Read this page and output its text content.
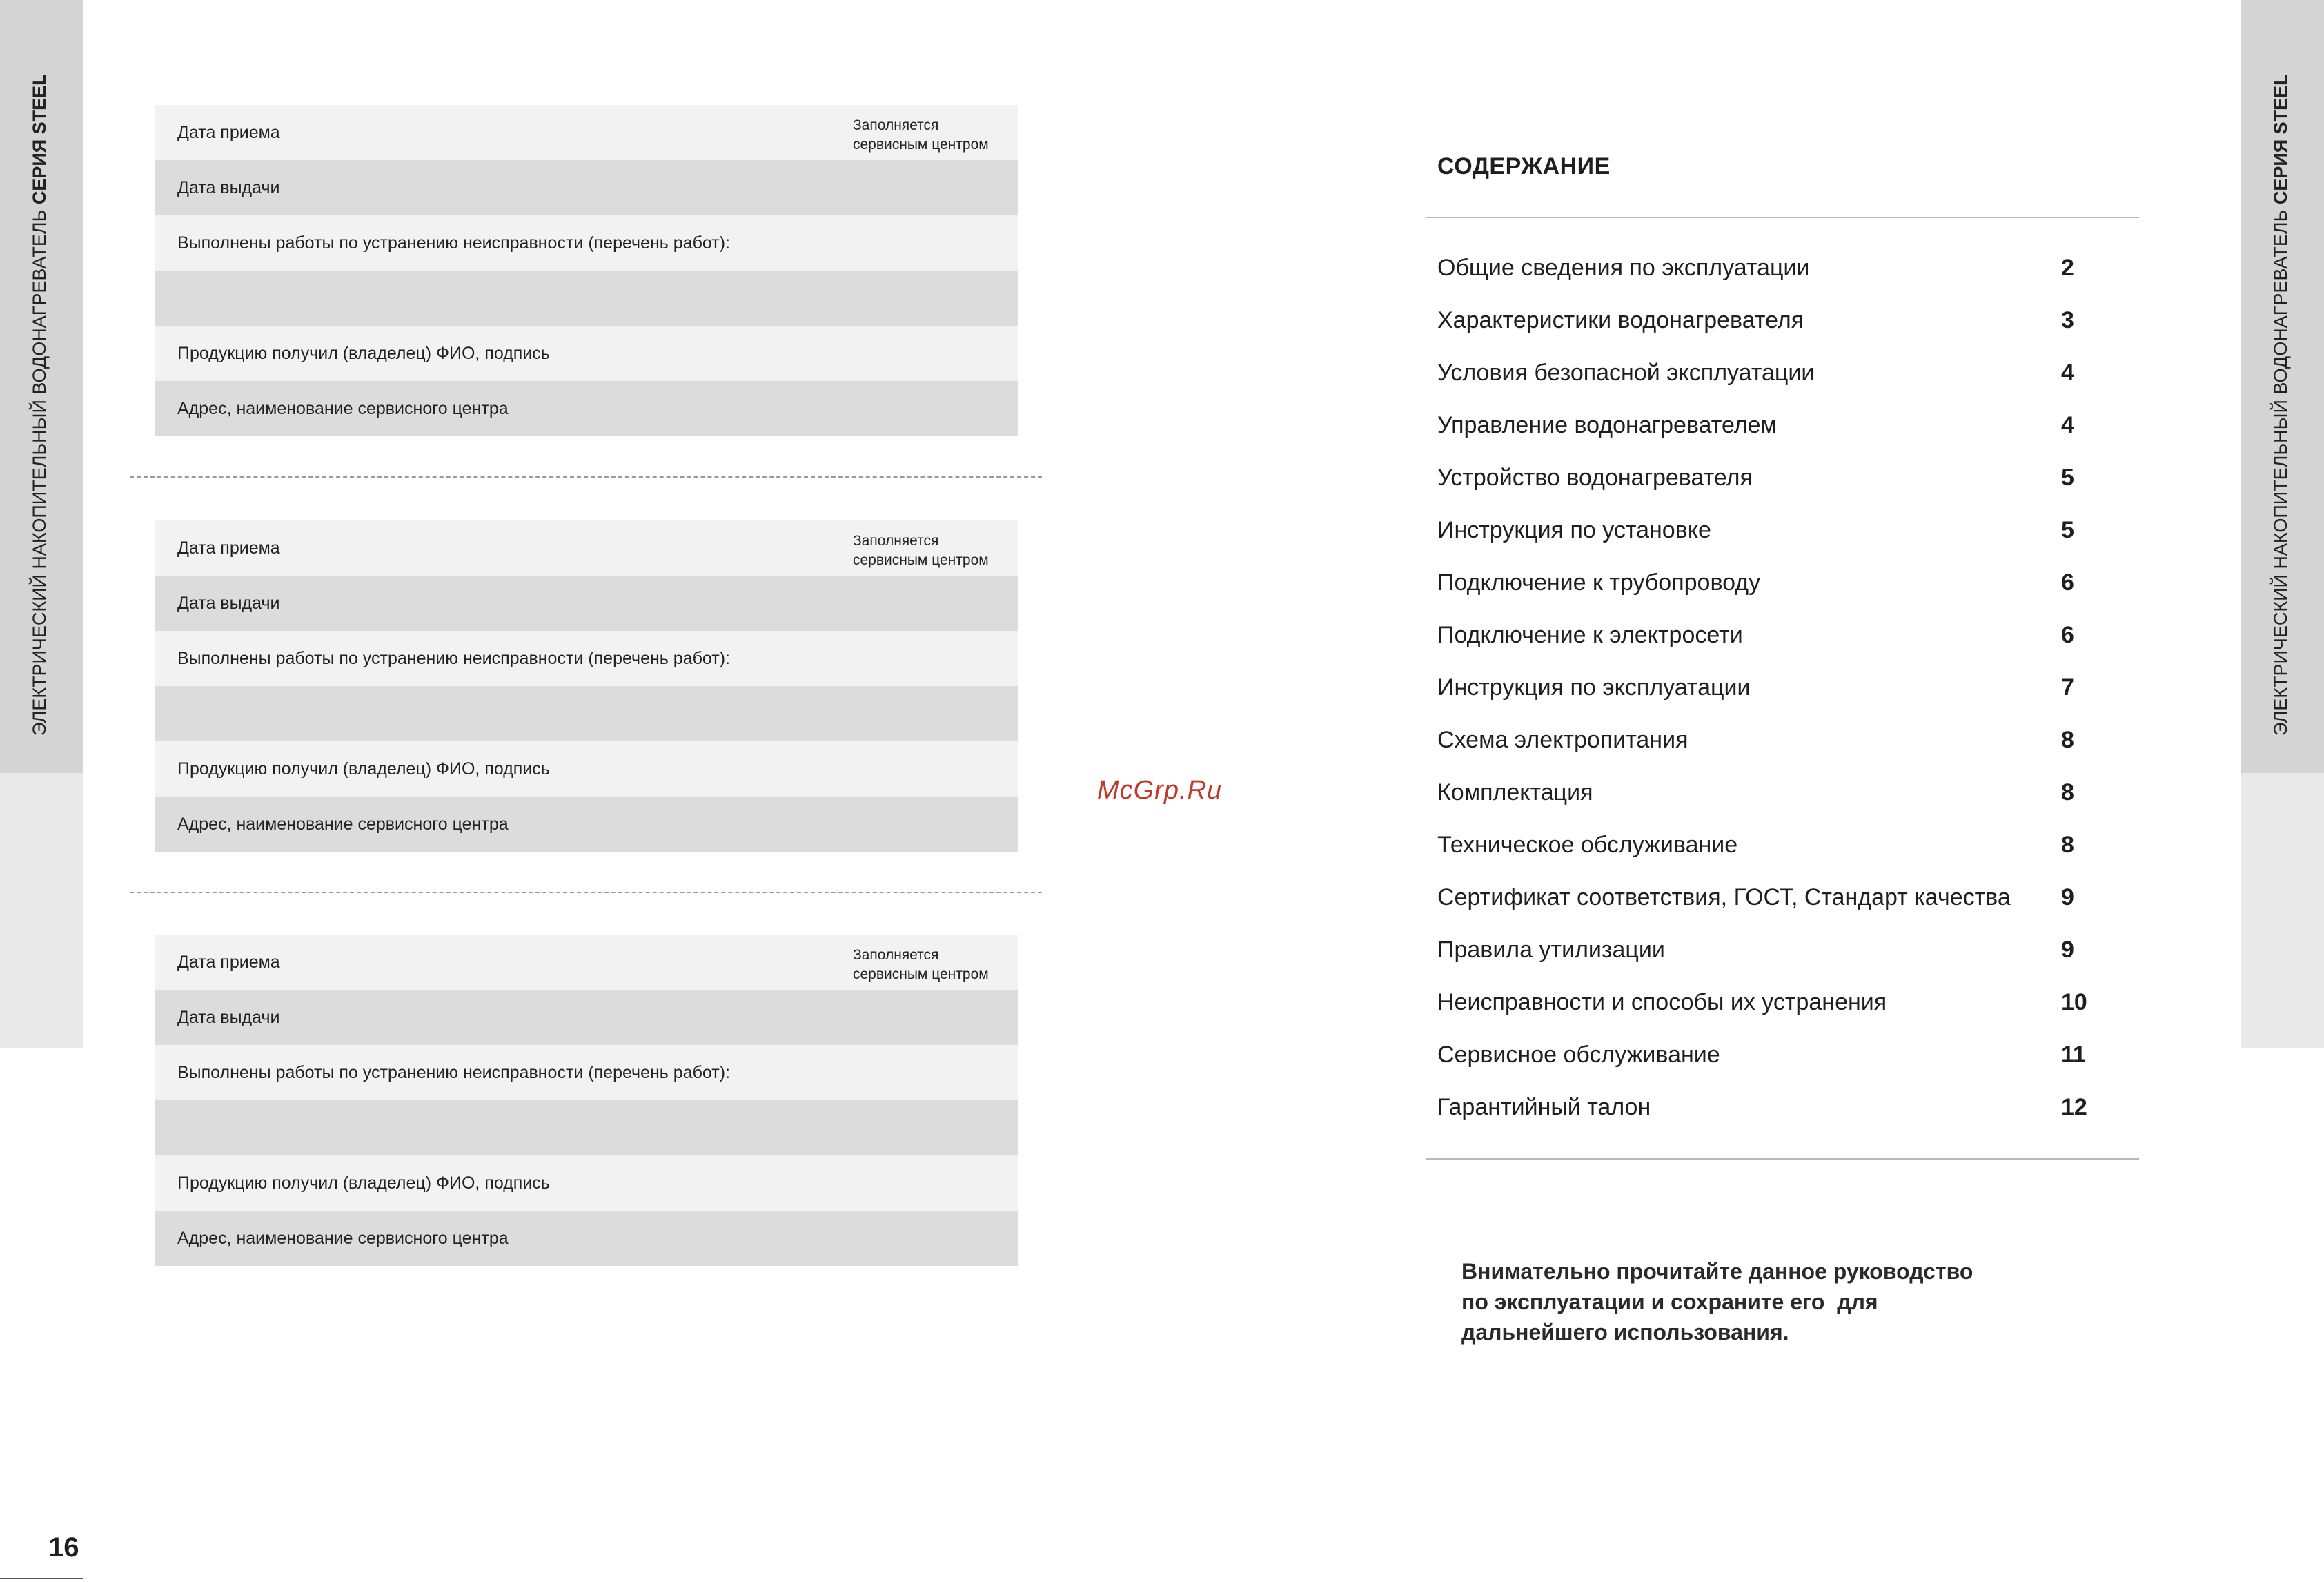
ЭЛЕКТРИЧЕСКИЙ НАКОПИТЕЛЬНЫЙ ВОДОНАГРЕВАТЕЛЬ СЕРИЯ STEEL
ЭЛЕКТРИЧЕСКИЙ НАКОПИТЕЛЬНЫЙ ВОДОНАГРЕВАТЕЛЬ СЕРИЯ STEEL
16
Дата приема	Заполняется
сервисным центром
Дата выдачи
Выполнены работы по устранению неисправности (перечень работ):
Продукцию получил (владелец) ФИО, подпись
Адрес, наименование сервисного центра
Дата приема	Заполняется
сервисным центром
Дата выдачи
Выполнены работы по устранению неисправности (перечень работ):
Продукцию получил (владелец) ФИО, подпись
Адрес, наименование сервисного центра
Дата приема	Заполняется
сервисным центром
Дата выдачи
Выполнены работы по устранению неисправности (перечень работ):
Продукцию получил (владелец) ФИО, подпись
Адрес, наименование сервисного центра
McGrp.Ru
СОДЕРЖАНИЕ
Общие сведения по эксплуатации	2
Характеристики водонагревателя	3
Условия безопасной эксплуатации	4
Управление водонагревателем	4
Устройство водонагревателя	5
Инструкция по установке	5
Подключение к трубопроводу	6
Подключение к электросети	6
Инструкция по эксплуатации	7
Схема электропитания	8
Комплектация	8
Техническое обслуживание	8
Сертификат соответствия, ГОСТ, Стандарт качества 9
Правила утилизации	9
Неисправности и способы их устранения	10
Сервисное обслуживание	11
Гарантийный талон	12
Внимательно прочитайте данное руководство
по эксплуатации и сохраните его  для
дальнейшего использования.
